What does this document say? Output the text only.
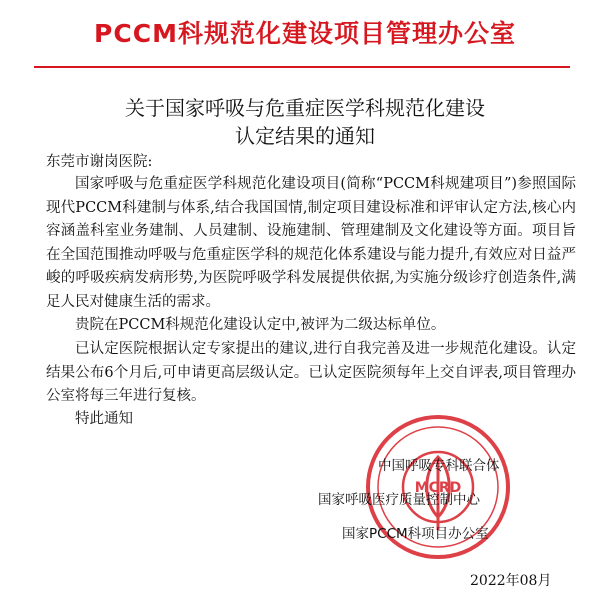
PCCM科规范化建设项目管理办公室
关于国家呼吸与危重症医学科规范化建设
认定结果的通知
东莞市谢岗医院:
国家呼吸与危重症医学科规范化建设项目(简称“PCCM科规建项目”)参照国际现代PCCM科建制与体系,结合我国国情,制定项目建设标准和评审认定方法,核心内容涵盖科室业务建制、人员建制、设施建制、管理建制及文化建设等方面。项目旨在全国范围推动呼吸与危重症医学科的规范化体系建设与能力提升,有效应对日益严峻的呼吸疾病发病形势,为医院呼吸学科发展提供依据,为实施分级诊疗创造条件,满足人民对健康生活的需求。
贵院在PCCM科规范化建设认定中,被评为二级达标单位。
已认定医院根据认定专家提出的建议,进行自我完善及进一步规范化建设。认定结果公布6个月后,可申请更高层级认定。已认定医院须每年上交自评表,项目管理办公室将每三年进行复核。
特此通知
MCRD
中国呼吸专科联合体
国家呼吸医疗质量控制中心
国家PCCM科项目办公室
2022年08月
